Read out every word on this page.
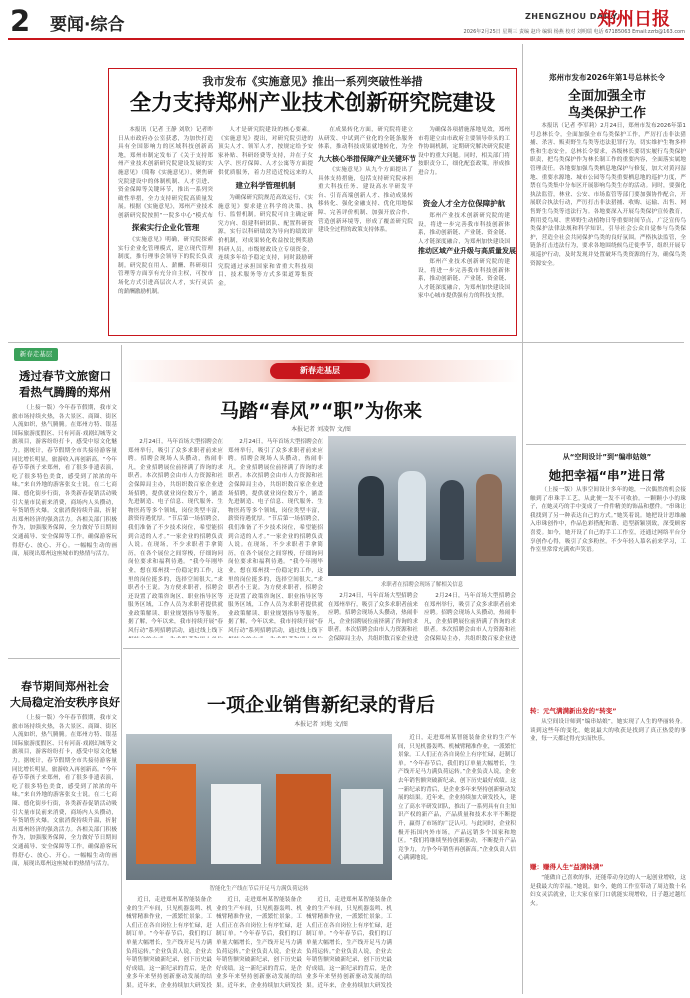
2 要闻·综合	ZHENGZHOU DAILY
郑州日报
2026年2月25日 星期三 责编 赵玲 编辑 杨燕 校对 刘明瑞 电话 67185063 Email:zzrb@163.com
我市发布《实施意见》推出一系列突破性举措
全力支持郑州产业技术创新研究院建设

本报讯（记者 王静 刘欣）记者昨日从市政府办公室获悉，为加快打造具有全国影响力的区域科技创新高地，郑州市制定发布了《关于支持郑州产业技术创新研究院建设发展的实施意见》（简称《实施意见》），聚焦研究院建设中的体制机制、人才引进、资金保障等关键环节，推出一系列突破性举措，全力支持研究院高质量发展。根据《实施意见》，郑州产业技术创新研究院按照“一院多中心”模式布

探索实行企业化管理

《实施意见》明确，研究院探索实行企业化管理模式，建立现代管理制度，推行理事会领导下的院长负责制。研究院在用人、薪酬、科研项目管理等方面享有充分自主权，可按市场化方式引进高层次人才，实行灵活的薪酬激励机制。

人才是研究院建设的核心要素。《实施意见》提出，对研究院引进的顶尖人才、领军人才，按规定给予安家补贴、科研经费等支持，并在子女入学、医疗保障、人才公寓等方面提供优质服务，着力营造近悦远来的人

建立科学管理机制

为确保研究院规范高效运行，《实施意见》要求建立科学的决策、执行、监督机制。研究院可自主确定研究方向、组建科研团队、配置科研资源，实行以科研绩效为导向的绩效评价机制，对成果转化收益按比例奖励科研人员。市级财政设立专项资金，连续多年给予稳定支持，同时鼓励研究院通过承担国家和省重大科技项目、技术服务等方式多渠道筹集资金。

在成果转化方面，研究院将建立从研发、中试到产业化的全链条服务体系，推动科技成果就地转化，为全

九大核心举措保障产业关键环节

《实施意见》从九个方面提出了具体支持措施，包括支持研究院承担重大科技任务、建设高水平研发平台、引育高端创新人才、推动成果转移转化、强化金融支持、优化用地保障、完善评价机制、加强开放合作、营造创新环境等，形成了覆盖研究院建设全过程的政策支持体系。

资金人才全方位保障护航

为确保各项措施落地见效，郑州市将建立由市政府主要领导牵头的工作协调机制，定期研究解决研究院建设中的重大问题。同时，相关部门将按职责分工，细化配套政策，形成推进合力。

推动区域产业升级与高质量发展

郑州产业技术创新研究院的建设，将进一步完善我市科技创新体系，推动创新链、产业链、资金链、人才链深度融合，为郑州加快建设国

郑州产业技术创新研究院的建设，将进一步完善我市科技创新体系，推动创新链、产业链、资金链、人才链深度融合，为郑州加快建设国家中心城市提供强有力的科技支撑。

郑州市发布2026年第1号总林长令
全面加强全市
鸟类保护工作

本报讯（记者 李军莉）2月24日，郑州市发布2026年第1号总林长令，全面加强全市鸟类保护工作，严厉打击非法猎捕、杀害、贩卖野生鸟类等违法犯罪行为，切实维护生物多样性和生态安全。总林长令要求，各级林长要切实履行鸟类保护职责，把鸟类保护作为林长制工作的重要内容，全面落实属地管理责任。各地要加强鸟类栖息地保护与修复，加大对黄河湿地、重要水源地、城市公园等鸟类重要栖息地的巡护力度，严禁在鸟类集中分布区开展影响鸟类生存的活动。同时，要强化执法监管，林业、公安、市场监管等部门要加强协作配合，开展联合执法行动，严厉打击非法猎捕、收购、运输、出售、网售野生鸟类等违法行为。各地要深入开展鸟类保护宣传教育，利用爱鸟周、世界野生动植物日等重要时间节点，广泛宣传鸟类保护法律法规和科学知识，引导社会公众自觉参与鸟类保护，营造全社会共同保护鸟类的良好氛围。严格执法监管，全链条打击违法行为，要求各地围绕候鸟迁徙季节，组织开展专项巡护行动，及时发现并处置破坏鸟类资源的行为，确保鸟类资源安全。

新春走基层
透过春节文旅窗口
看热气腾腾的郑州

（上接一版）今年春节假期，我市文旅市场持续火热，各大景区、商圈、街区人流如织，热气腾腾。在郑州方特、银基国际旅游度假区、只有河南·戏剧幻城等文旅项目，游客纷纷打卡，感受中原文化魅力。据统计，春节假期全市共接待游客量同比增长明显，旅游收入再创新高。“今年春节带孩子来郑州，看了很多非遗表演，吃了很多特色美食，感受到了浓浓的年味。”来自外地的游客张女士说。在二七商圈、德化街步行街，各类新春促销活动吸引大量市民前来消费，商场内人头攒动，年货销售火爆。文旅消费持续升温，折射出郑州经济的强劲活力。各相关部门积极作为，加强服务保障，全力做好节日期间交通疏导、安全保障等工作，确保游客玩得舒心、放心、开心。一幅幅生动的画面，展现出郑州这座城市的热情与活力。

新春走基层
马踏“春风”“职”为你来
本报记者 刘凌智 文/图

2月24日，马年首场大型招聘会在郑州举行，吸引了众多求职者前来应聘。招聘会现场人头攒动，热闹非凡，企业招聘展位前挤满了咨询的求职者。本次招聘会由市人力资源和社会保障局主办，共组织数百家企业进场招聘，提供就业岗位数万个，涵盖先进制造、电子信息、现代服务、生物医药等多个领域，岗位类型丰富，薪资待遇优厚。“节后第一场招聘会，我们准备了不少技术岗位，希望能招到合适的人才。”一家企业的招聘负责人说。在现场，不少求职者手拿简历，在各个展位之间穿梭，仔细询问岗位要求和福利待遇。“我今年刚毕业，想在郑州找一份稳定的工作，这里的岗位挺多的，选择空间很大。”求职者小王说。为方便求职者，招聘会还设置了政策咨询区、职业指导区等服务区域，工作人员为求职者提供就业政策解读、职业规划指导等服务。据了解，今年以来，我市持续开展“春风行动”系列招聘活动，通过线上线下

2月24日，马年首场大型招聘会在郑州举行，吸引了众多求职者前来应聘。招聘会现场人头攒动，热闹非凡，企业招聘展位前挤满了咨询的求职者。本次招聘会由市人力资源和社会保障局主办，共组织数百家企业进场招聘，提供就业岗位数万个，涵盖先进制造、电子信息、现代服务、生物医药等多个领域，岗位类型丰富，薪资待遇优厚。“节后第一场招聘会，我们准备了不少技术岗位，希望能招到合适的人才。”一家企业的招聘负责人说。在现场，不少求职者手拿简历，在各个展位之间穿梭，仔细询问岗位要求和福利待遇。“我今年刚毕业，想在郑州找一份稳定的工作，这里的岗位挺多的，选择空间很大。”求职者小王说。为方便求职者，招聘会还设置了政策咨询区、职业指导区等服务区域，工作人员为求职者提供就业政策解读、职业规划指导等服务。据了解，今年以来，我市持续开展“春风行动”系列招聘活动，通过线上线下

求职者在招聘会现场了解相关信息

2月24日，马年首场大型招聘会在郑州举行，吸引了众多求职者前来应聘。招聘会现场人头攒动，热闹非凡，企业招聘展位前挤满了咨询的求职者。本次招聘会由市人力资源和社会保障局主办，共组织数百家企业进

2月24日，马年首场大型招聘会在郑州举行，吸引了众多求职者前来应聘。招聘会现场人头攒动，热闹非凡，企业招聘展位前挤满了咨询的求职者。本次招聘会由市人力资源和社会保障局主办，共组织数百家企业进

一项企业销售新纪录的背后
本报记者 刘地 文/图
智能化生产线在节后开足马力满负荷运转

近日，走进郑州某智能装备企业的生产车间，只见机器轰鸣、机械臂精准作业，一派繁忙景象。工人们正在各自岗位上有序忙碌，赶制订单。“今年春节后，我们的订单量大幅增长，生产线开足马力满负荷运转。”企业负责人说，企业去年销售额突破新纪录，创下历史最好成绩。这一新纪录的背后，是企业多年来坚持创新驱动发展的结果。近年来，企业持续加大研发投入，建立了高水平研发团队，推出了一系列具有自主知识产权的新产品，产品质量和技术水平不断提升，赢得了市场的广泛认可。与此同时，企业积极开拓国内外市场，产品远销多个国家和地区。“我们将继续坚持创新驱动，不断提升产品竞争力，力争今年销售再创新高。”企业负责人信心满满地说。

近日，走进郑州某智能装备企业的生产车间，只见机器轰鸣、机械臂精准作业，一派繁忙景象。工人们正在各自岗位上有序忙碌，赶制订单。“今年春节后，我们的订单量大幅增长，生产线开足马力满负荷运转。”企业负责人说，企业去年销售额突破新纪录，创下历史最好成绩。这一新纪录的背后，是企业多年来坚持创新驱动发展的结果。近年来，企业持续加大研发投

近日，走进郑州某智能装备企业的生产车间，只见机器轰鸣、机械臂精准作业，一派繁忙景象。工人们正在各自岗位上有序忙碌，赶制订单。“今年春节后，我们的订单量大幅增长，生产线开足马力满负荷运转。”企业负责人说，企业去年销售额突破新纪录，创下历史最好成绩。这一新纪录的背后，是企业多年来坚持创新驱动发展的结果。近年来，企业持续加大研发投

近日，走进郑州某智能装备企业的生产车间，只见机器轰鸣、机械臂精准作业，一派繁忙景象。工人们正在各自岗位上有序忙碌，赶制订单。“今年春节后，我们的订单量大幅增长，生产线开足马力满负荷运转。”企业负责人说，企业去年销售额突破新纪录，创下历史最好成绩。这一新纪录的背后，是企业多年来坚持创新驱动发展的结果。近年来，企业持续加大研发投

春节期间郑州社会
大局稳定治安秩序良好

（上接一版）今年春节假期，我市文旅市场持续火热，各大景区、商圈、街区人流如织，热气腾腾。在郑州方特、银基国际旅游度假区、只有河南·戏剧幻城等文旅项目，游客纷纷打卡，感受中原文化魅力。据统计，春节假期全市共接待游客量同比增长明显，旅游收入再创新高。“今年春节带孩子来郑州，看了很多非遗表演，吃了很多特色美食，感受到了浓浓的年味。”来自外地的游客张女士说。在二七商圈、德化街步行街，各类新春促销活动吸引大量市民前来消费，商场内人头攒动，年货销售火爆。文旅消费持续升温，折射出郑州经济的强劲活力。各相关部门积极作为，加强服务保障，全力做好节日期间交通疏导、安全保障等工作，确保游客玩得舒心、放心、开心。一幅幅生动的画面，展现出郑州这座城市的热情与活力。

从“空间设计”到“编串姑娘”
她把幸福“串”进日常

（上接一版）从事空间设计多年的她，一次偶然的机会接触到了串珠手工艺，从此便一发不可收拾。一颗颗小小的珠子，在她灵巧的手中变成了一件件精美的饰品和摆件。“串珠让我找到了另一种表达自己的方式。”她笑着说。她把设计思维融入串珠创作中，作品色彩搭配和谐、造型新颖别致，深受顾客喜爱。如今，她开设了自己的手工工作室，还通过网络平台分享创作心得，吸引了众多粉丝。不少年轻人慕名前来学习，工作室里常常充满欢声笑语。

转：元气满满新出发的“转变”

从空间设计师到“编串姑娘”，她实现了人生的华丽转身。谈到这些年的变化，她说最大的收获是找到了真正热爱的事业，每一天都过得充实而快乐。

赚：赚得人生“益满钵满”

“能做自己喜欢的事，还能带动身边的人一起创业增收，这是我最大的幸福。”她说。如今，她的工作室带动了周边数十名妇女灵活就业，让大家在家门口就能实现增收，日子越过越红火。
